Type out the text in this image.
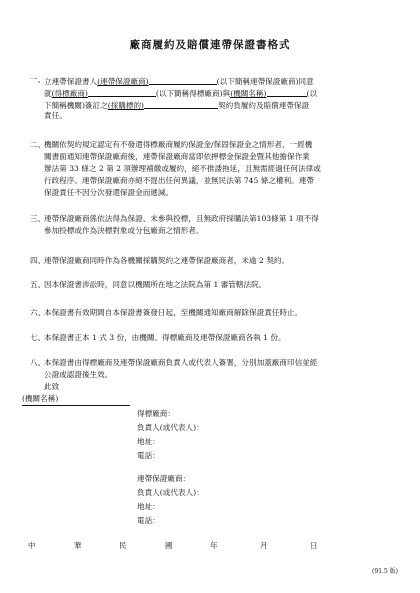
廠商履約及賠償連帶保證書格式
一、
立連帶保證書人(連帶保證廠商)	(以下簡稱連帶保證廠商)同意
就(得標廠商)	(以下簡稱得標廠商)與(機關名稱)	(以
下簡稱機關)簽訂之(採購標的)	契約負履約及賠償連帶保證
責任。
二、
機關依契約規定認定有不發還得標廠商履約保證金/保固保證金之情形者，一經機
關書面通知連帶保證廠商後，連帶保證廠商當即依押標金保證金暨其他擔保作業
辦法第 33 條之 2 第 2 項辦理補繳或履約，絕不推諉拖延，且無需經過任何法律或
行政程序。連帶保證廠商亦絕不提出任何異議，並無民法第 745 條之權利。連帶
保證責任不因分次發還保證金而遞減。
三、
連帶保證廠商係依法得為保證、未參與投標，且無政府採購法第103條第 1 項不得
參加投標或作為決標對象或分包廠商之情形者。
四、
連帶保證廠商同時作為各機關採購契約之連帶保證廠商者，未逾 2 契約。
五、
因本保證書涉訟時，同意以機關所在地之法院為第 1 審管轄法院。
六、
本保證書有效期間自本保證書簽發日起，至機關通知廠商解除保證責任時止。
七、
本保證書正本 1 式 3 份，由機關、得標廠商及連帶保證廠商各執 1 份。
八、
本保證書由得標廠商及連帶保證廠商負責人或代表人簽署，分別加蓋廠商印信並經
公證或認證後生效。
此致
(機關名稱)
得標廠商：
負責人(或代表人)：
地址：
電話：
連帶保證廠商：
負責人(或代表人)：
地址：
電話：
中	華	民	國	年	月	日
(91.5 版)
